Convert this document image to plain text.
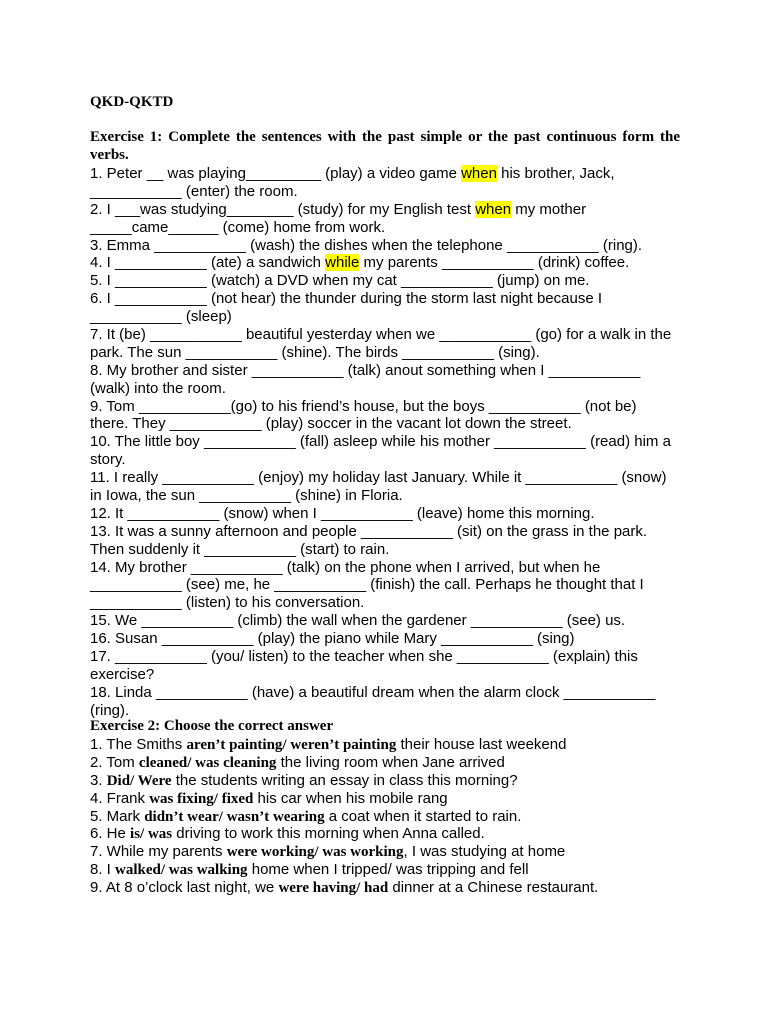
QKD-QKTD
Exercise 1: Complete the sentences with the past simple or the past continuous form the verbs.
1. Peter __ was playing_________ (play) a video game when his brother, Jack,
___________ (enter) the room.
2. I ___was studying________ (study) for my English test when my mother
_____came______ (come) home from work.
3. Emma ___________ (wash) the dishes when the telephone ___________ (ring).
4. I ___________ (ate) a sandwich while my parents ___________ (drink) coffee.
5. I ___________ (watch) a DVD when my cat ___________ (jump) on me.
6. I ___________ (not hear) the thunder during the storm last night because I
___________ (sleep)
7. It (be) ___________ beautiful yesterday when we ___________ (go) for a walk in the
park. The sun ___________ (shine). The birds ___________ (sing).
8. My brother and sister ___________ (talk) anout something when I ___________
(walk) into the room.
9. Tom ___________(go) to his friend’s house, but the boys ___________ (not be)
there. They ___________ (play) soccer in the vacant lot down the street.
10. The little boy ___________ (fall) asleep while his mother ___________ (read) him a
story.
11. I really ___________ (enjoy) my holiday last January. While it ___________ (snow)
in Iowa, the sun ___________ (shine) in Floria.
12. It ___________ (snow) when I ___________ (leave) home this morning.
13. It was a sunny afternoon and people ___________ (sit) on the grass in the park.
Then suddenly it ___________ (start) to rain.
14. My brother ___________ (talk) on the phone when I arrived, but when he
___________ (see) me, he ___________ (finish) the call. Perhaps he thought that I
___________ (listen) to his conversation.
15. We ___________ (climb) the wall when the gardener ___________ (see) us.
16. Susan ___________ (play) the piano while Mary ___________ (sing)
17. ___________ (you/ listen) to the teacher when she ___________ (explain) this
exercise?
18. Linda ___________ (have) a beautiful dream when the alarm clock ___________
(ring).
Exercise 2: Choose the correct answer
1. The Smiths aren’t painting/ weren’t painting their house last weekend
2. Tom cleaned/ was cleaning the living room when Jane arrived
3. Did/ Were the students writing an essay in class this morning?
4. Frank was fixing/ fixed his car when his mobile rang
5. Mark didn’t wear/ wasn’t wearing a coat when it started to rain.
6. He is/ was driving to work this morning when Anna called.
7. While my parents were working/ was working, I was studying at home
8. I walked/ was walking home when I tripped/ was tripping and fell
9. At 8 o’clock last night, we were having/ had dinner at a Chinese restaurant.
